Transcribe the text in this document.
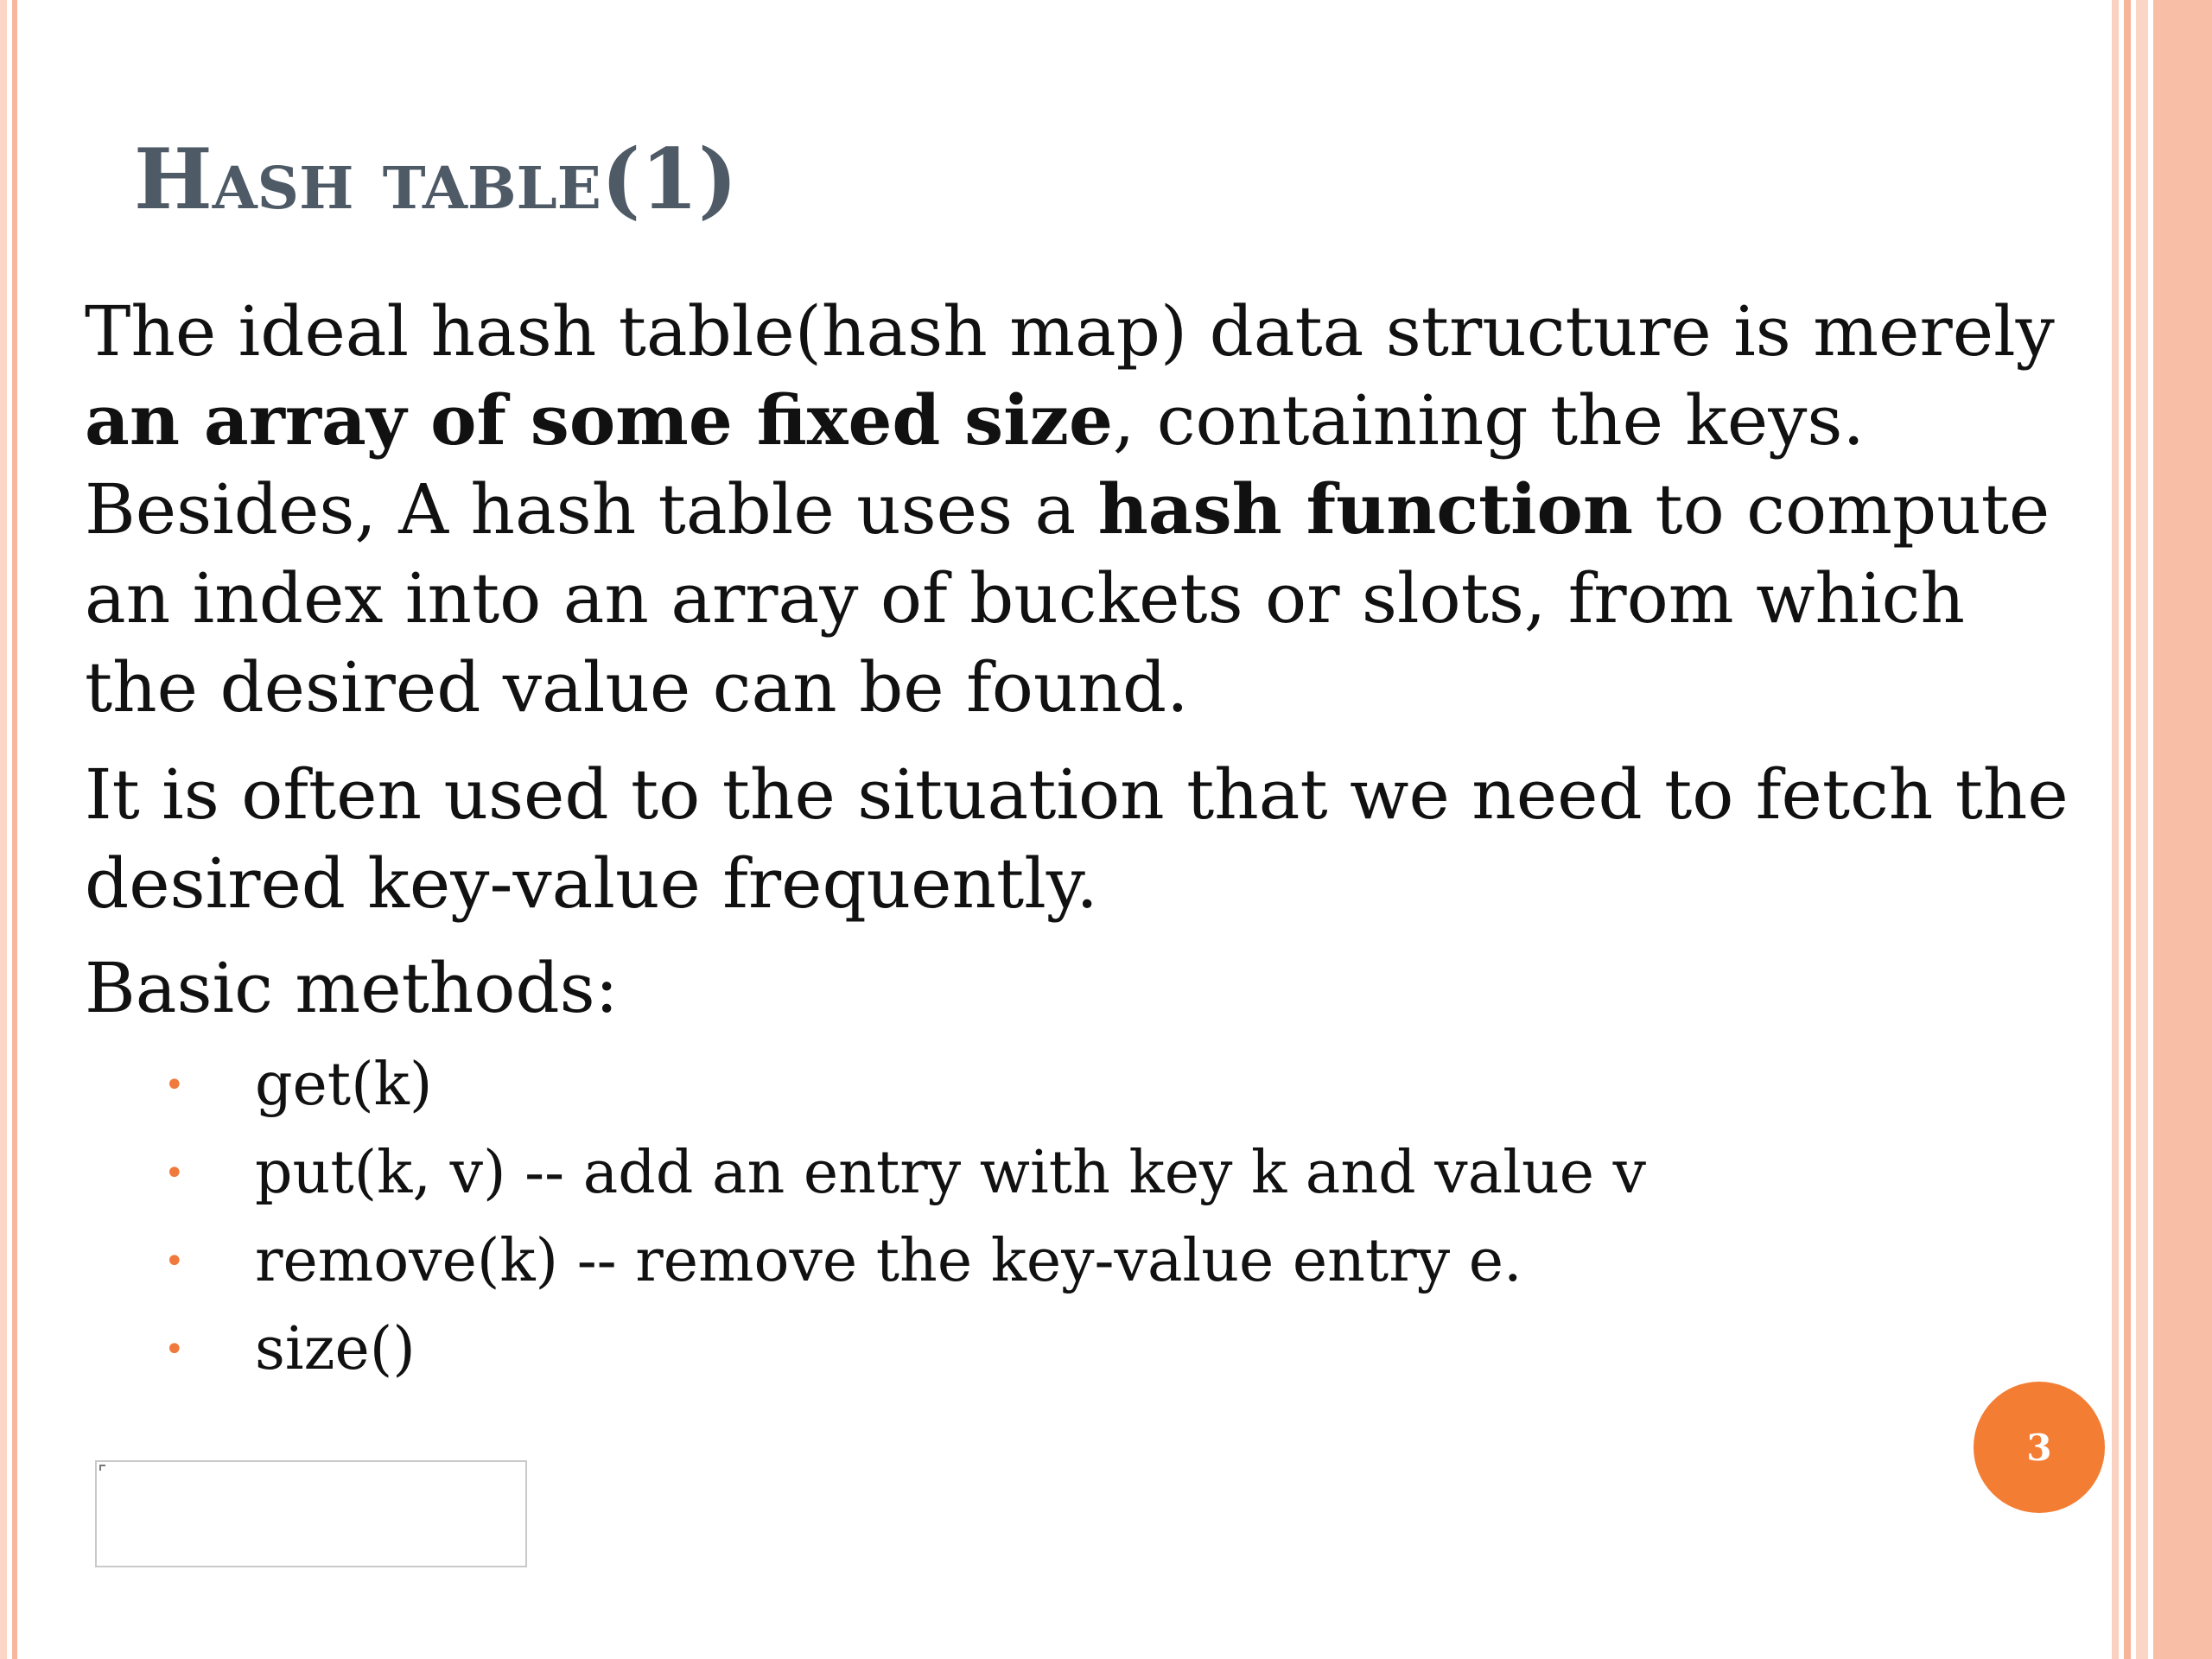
Hash table(1)

The ideal hash table(hash map) data structure is merely
an array of some fixed size, containing the keys.
Besides, A hash table uses a hash function to compute
an index into an array of buckets or slots, from which
the desired value can be found.

It is often used to the situation that we need to fetch the
desired key-value frequently.

Basic methods:

• get(k)
• put(k, v) -- add an entry with key k and value v
• remove(k) -- remove the key-value entry e.
• size()
3
